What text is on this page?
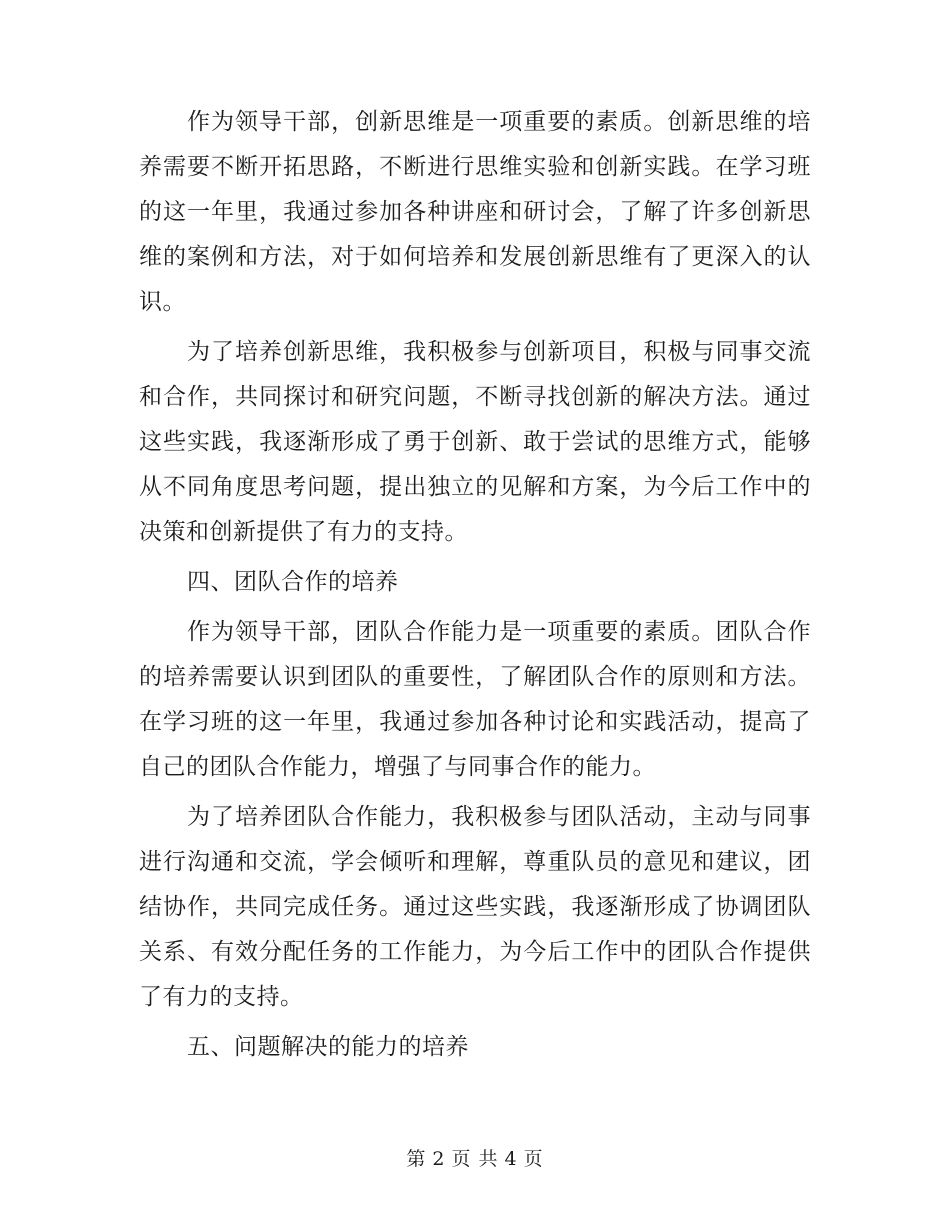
作为领导干部，创新思维是一项重要的素质。创新思维的培养需要不断开拓思路，不断进行思维实验和创新实践。在学习班的这一年里，我通过参加各种讲座和研讨会，了解了许多创新思维的案例和方法，对于如何培养和发展创新思维有了更深入的认识。

为了培养创新思维，我积极参与创新项目，积极与同事交流和合作，共同探讨和研究问题，不断寻找创新的解决方法。通过这些实践，我逐渐形成了勇于创新、敢于尝试的思维方式，能够从不同角度思考问题，提出独立的见解和方案，为今后工作中的决策和创新提供了有力的支持。

四、团队合作的培养

作为领导干部，团队合作能力是一项重要的素质。团队合作的培养需要认识到团队的重要性，了解团队合作的原则和方法。在学习班的这一年里，我通过参加各种讨论和实践活动，提高了自己的团队合作能力，增强了与同事合作的能力。

为了培养团队合作能力，我积极参与团队活动，主动与同事进行沟通和交流，学会倾听和理解，尊重队员的意见和建议，团结协作，共同完成任务。通过这些实践，我逐渐形成了协调团队关系、有效分配任务的工作能力，为今后工作中的团队合作提供了有力的支持。

五、问题解决的能力的培养

第 2 页 共 4 页
